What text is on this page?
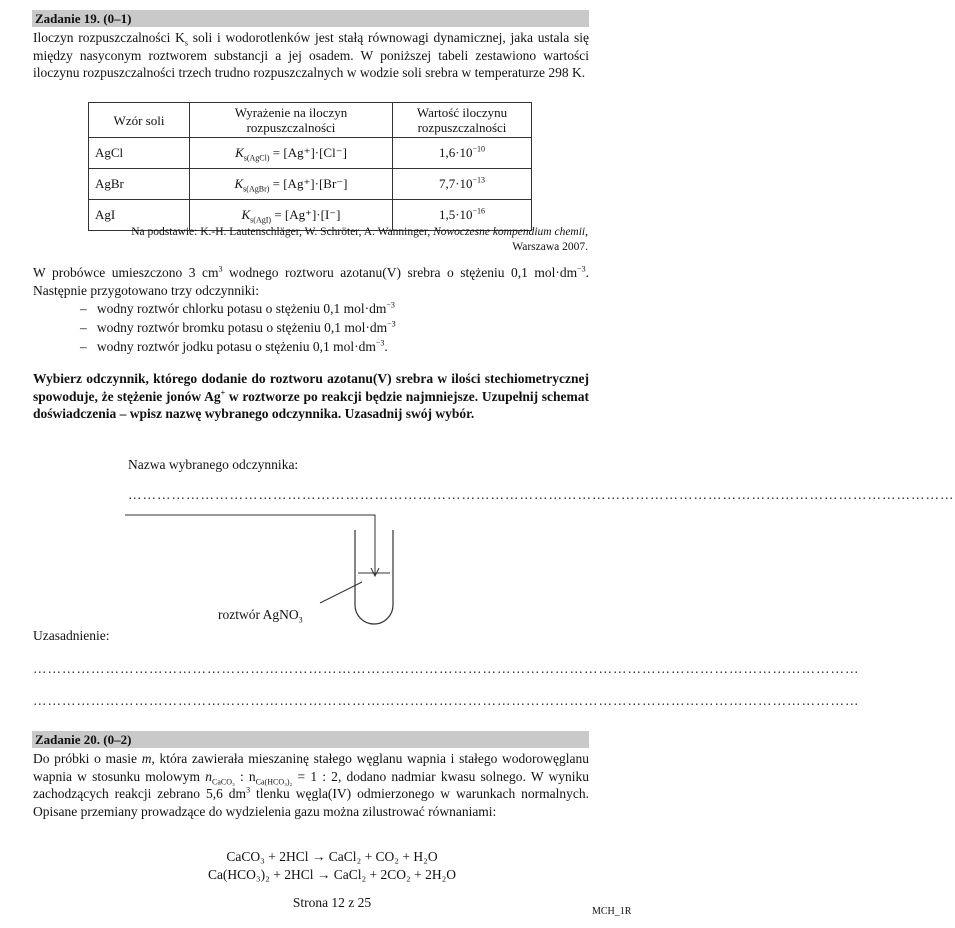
Zadanie 19. (0–1)
Iloczyn rozpuszczalności $K_s$ soli i wodorotlenków jest stałą równowagi dynamicznej, jaka ustala się między nasyconym roztworem substancji a jej osadem. W poniższej tabeli zestawiono wartości iloczynu rozpuszczalności trzech trudno rozpuszczalnych w wodzie soli srebra w temperaturze 298 K.
Wzór soli	Wyrażenie na iloczyn rozpuszczalności	Wartość iloczynu rozpuszczalności
AgCl	$K_{s(AgCl)} = [Ag^+]\cdot[Cl^-]$	$1,6\cdot 10^{-10}$
AgBr	$K_{s(AgBr)} = [Ag^+]\cdot[Br^-]$	$7,7\cdot 10^{-13}$
AgI	$K_{s(AgI)} = [Ag^+]\cdot[I^-]$	$1,5\cdot 10^{-16}$
Na podstawie: K.-H. Lautenschläger, W. Schröter, A. Wanninger, Nowoczesne kompendium chemii,
Warszawa 2007.
W probówce umieszczono 3 $cm^3$ wodnego roztworu azotanu(V) srebra o stężeniu 0,1 $mol\cdot dm^{-3}$. Następnie przygotowano trzy odczynniki:
–   wodny roztwór chlorku potasu o stężeniu 0,1 $mol\cdot dm^{-3}$
–   wodny roztwór bromku potasu o stężeniu 0,1 $mol\cdot dm^{-3}$
–   wodny roztwór jodku potasu o stężeniu 0,1 $mol\cdot dm^{-3}$.
Wybierz odczynnik, którego dodanie do roztworu azotanu(V) srebra w ilości stechiometrycznej spowoduje, że stężenie jonów Ag+ w roztworze po reakcji będzie najmniejsze. Uzupełnij schemat doświadczenia – wpisz nazwę wybranego odczynnika. Uzasadnij swój wybór.
Nazwa wybranego odczynnika:
………………………………………………………………………………………………………………………………………………………
roztwór AgNO$_3$
Uzasadnienie:
………………………………………………………………………………………………………………………………………………………
………………………………………………………………………………………………………………………………………………………
Zadanie 20. (0–2)
Do próbki o masie m, która zawierała mieszaninę stałego węglanu wapnia i stałego wodorowęglanu wapnia w stosunku molowym $n_{CaCO_3}$ : $n_{Ca(HCO_3)_2} = 1$ : 2, dodano nadmiar kwasu solnego. W wyniku zachodzących reakcji zebrano 5,6 $dm^3$ tlenku węgla(IV) odmierzonego w warunkach normalnych. Opisane przemiany prowadzące do wydzielenia gazu można zilustrować równaniami:
CaCO₃ + 2HCl → CaCl₂ + CO₂ + H₂O
Ca(HCO₃)₂ + 2HCl → CaCl₂ + 2CO₂ + 2H₂O
Strona 12 z 25
MCH_1R
